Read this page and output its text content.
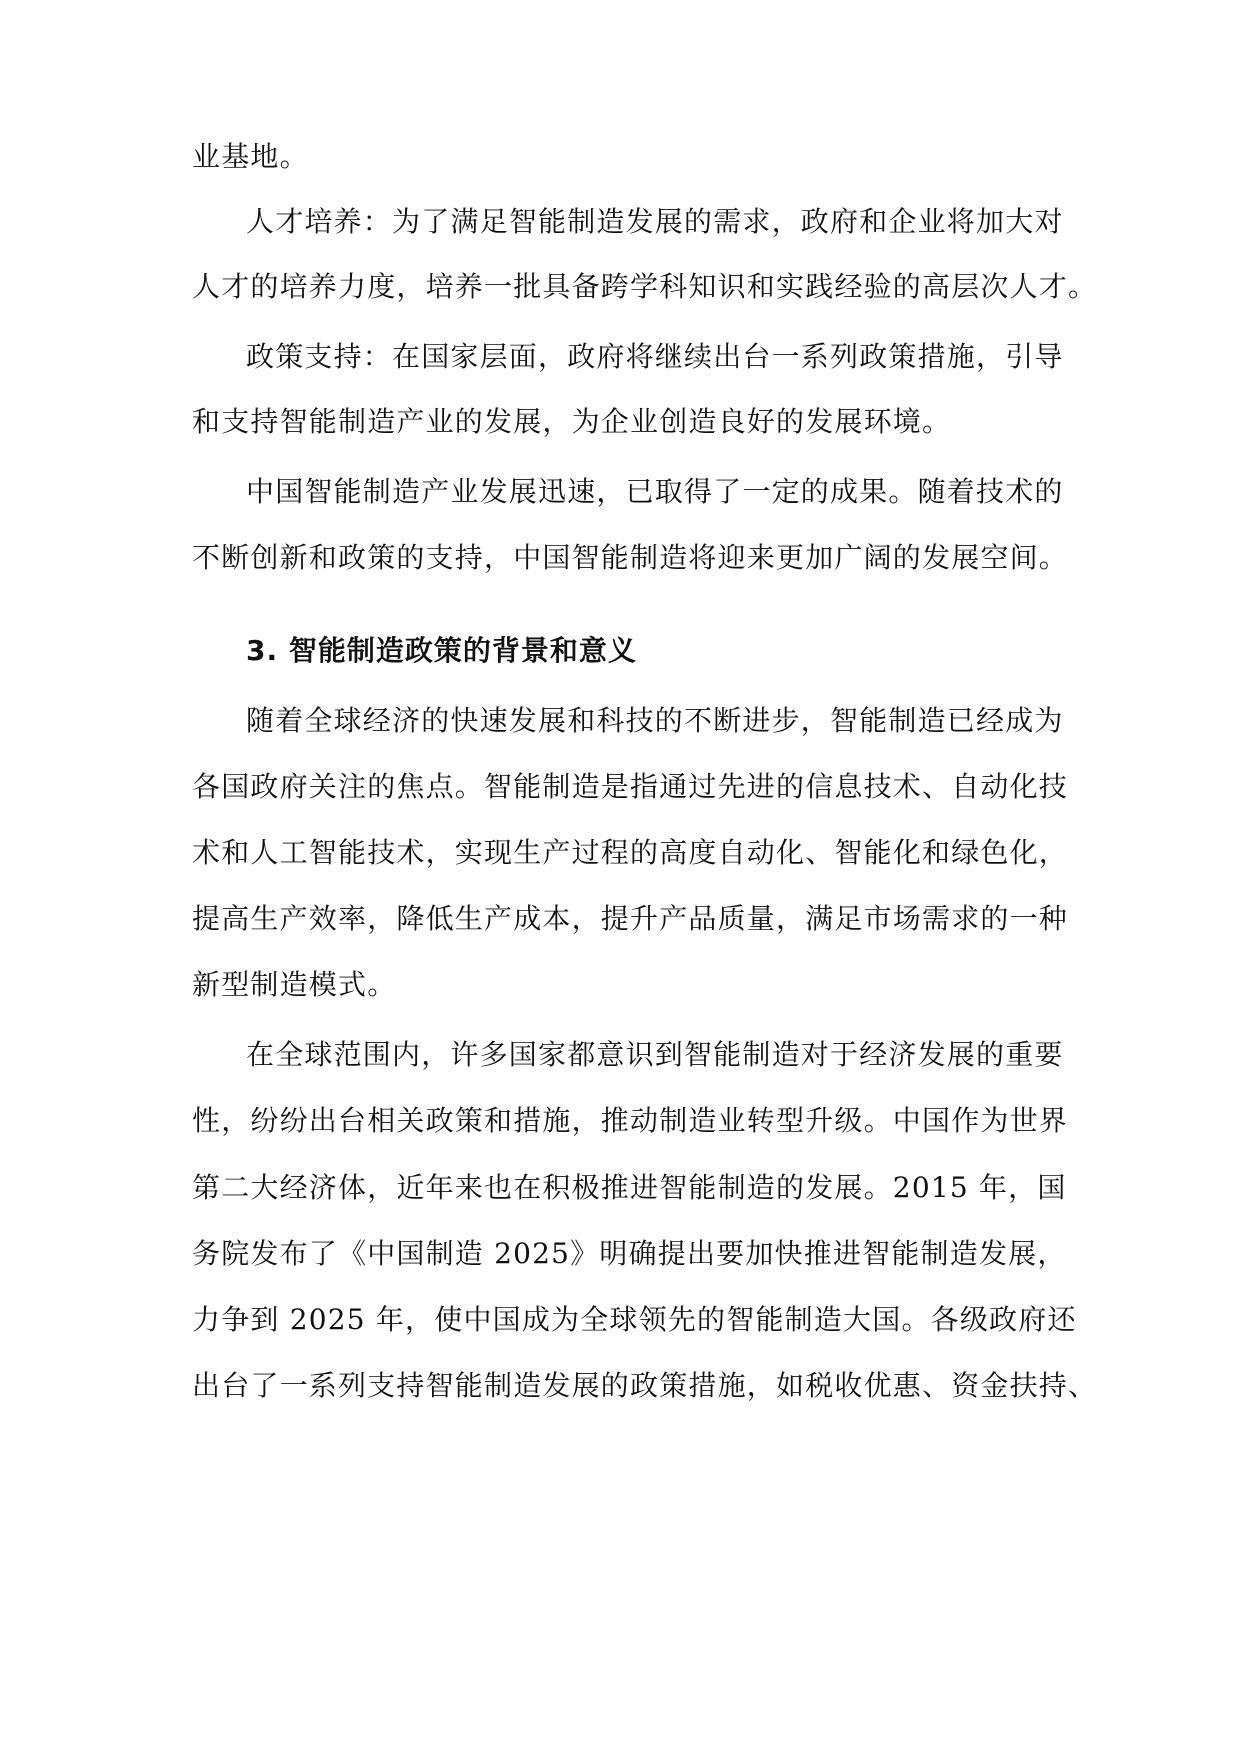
业基地。
人才培养：为了满足智能制造发展的需求，政府和企业将加大对
人才的培养力度，培养一批具备跨学科知识和实践经验的高层次人才。
政策支持：在国家层面，政府将继续出台一系列政策措施，引导
和支持智能制造产业的发展，为企业创造良好的发展环境。
中国智能制造产业发展迅速，已取得了一定的成果。随着技术的
不断创新和政策的支持，中国智能制造将迎来更加广阔的发展空间。
3. 智能制造政策的背景和意义
随着全球经济的快速发展和科技的不断进步，智能制造已经成为
各国政府关注的焦点。智能制造是指通过先进的信息技术、自动化技
术和人工智能技术，实现生产过程的高度自动化、智能化和绿色化，
提高生产效率，降低生产成本，提升产品质量，满足市场需求的一种
新型制造模式。
在全球范围内，许多国家都意识到智能制造对于经济发展的重要
性，纷纷出台相关政策和措施，推动制造业转型升级。中国作为世界
第二大经济体，近年来也在积极推进智能制造的发展。2015 年，国
务院发布了《中国制造 2025》明确提出要加快推进智能制造发展，
力争到 2025 年，使中国成为全球领先的智能制造大国。各级政府还
出台了一系列支持智能制造发展的政策措施，如税收优惠、资金扶持、
